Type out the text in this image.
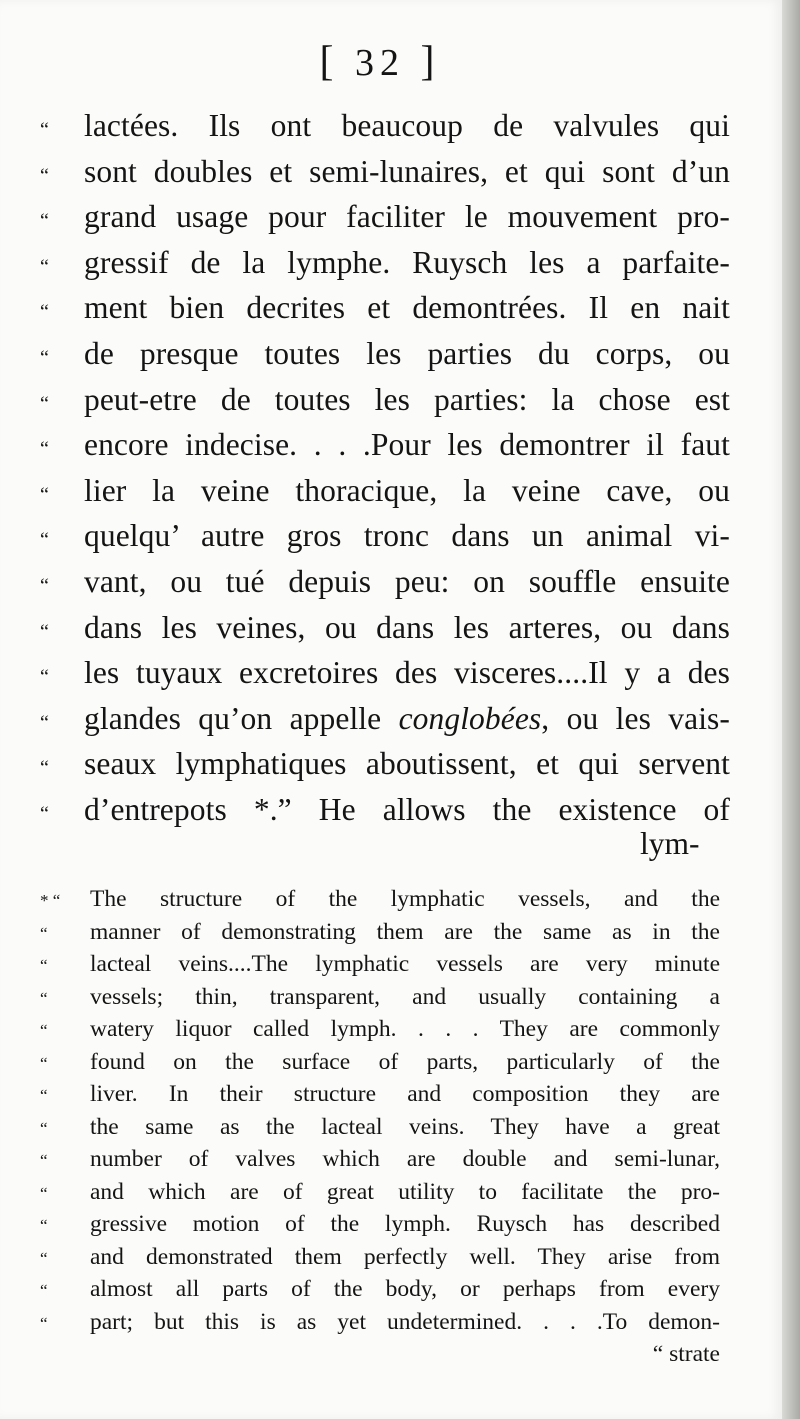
[ 32 ]
“	lactées. Ils ont beaucoup de valvules qui
“	sont doubles et semi-lunaires, et qui sont d’un
“	grand usage pour faciliter le mouvement pro-
“	gressif de la lymphe. Ruysch les a parfaite-
“	ment bien decrites et demontrées. Il en nait
“	de presque toutes les parties du corps, ou
“	peut-etre de toutes les parties: la chose est
“	encore indecise. . . .Pour les demontrer il faut
“	lier la veine thoracique, la veine cave, ou
“	quelqu’ autre gros tronc dans un animal vi-
“	vant, ou tué depuis peu: on souffle ensuite
“	dans les veines, ou dans les arteres, ou dans
“	les tuyaux excretoires des visceres....Il y a des
“	glandes qu’on appelle conglobées, ou les vais-
“	seaux lymphatiques aboutissent, et qui servent
“	d’entrepots *.” He allows the existence of
lym-
* “	The structure of the lymphatic vessels, and the
“	manner of demonstrating them are the same as in the
“	lacteal veins....The lymphatic vessels are very minute
“	vessels; thin, transparent, and usually containing a
“	watery liquor called lymph. . . . They are commonly
“	found on the surface of parts, particularly of the
“	liver. In their structure and composition they are
“	the same as the lacteal veins. They have a great
“	number of valves which are double and semi-lunar,
“	and which are of great utility to facilitate the pro-
“	gressive motion of the lymph. Ruysch has described
“	and demonstrated them perfectly well. They arise from
“	almost all parts of the body, or perhaps from every
“	part; but this is as yet undetermined. . . .To demon-
“ strate
